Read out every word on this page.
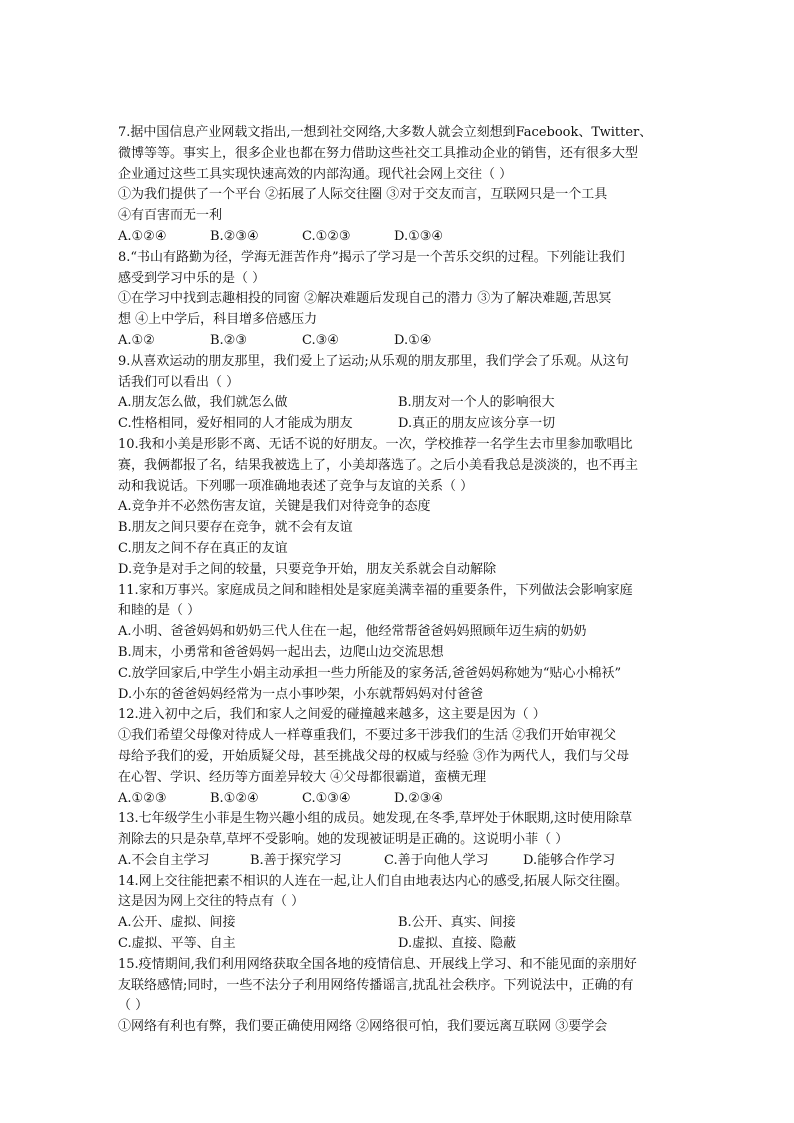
7.据中国信息产业网载文指出,一想到社交网络,大多数人就会立刻想到Facebook、Twitter、
微博等等。事实上，很多企业也都在努力借助这些社交工具推动企业的销售，还有很多大型
企业通过这些工具实现快速高效的内部沟通。现代社会网上交往（ ）
①为我们提供了一个平台 ②拓展了人际交往圈 ③对于交友而言，互联网只是一个工具
④有百害而无一利
A.①②④	B.②③④	C.①②③	D.①③④
8.“书山有路勤为径，学海无涯苦作舟”揭示了学习是一个苦乐交织的过程。下列能让我们
感受到学习中乐的是（ ）
①在学习中找到志趣相投的同窗 ②解决难题后发现自己的潜力 ③为了解决难题,苦思冥
想 ④上中学后，科目增多倍感压力
A.①②	B.②③	C.③④	D.①④
9.从喜欢运动的朋友那里，我们爱上了运动;从乐观的朋友那里，我们学会了乐观。从这句
话我们可以看出（ ）
A.朋友怎么做，我们就怎么做	B.朋友对一个人的影响很大
C.性格相同，爱好相同的人才能成为朋友	D.真正的朋友应该分享一切
10.我和小美是形影不离、无话不说的好朋友。一次，学校推荐一名学生去市里参加歌唱比
赛，我俩都报了名，结果我被选上了，小美却落选了。之后小美看我总是淡淡的，也不再主
动和我说话。下列哪一项准确地表述了竞争与友谊的关系（ ）
A.竞争并不必然伤害友谊，关键是我们对待竞争的态度
B.朋友之间只要存在竞争，就不会有友谊
C.朋友之间不存在真正的友谊
D.竞争是对手之间的较量，只要竞争开始，朋友关系就会自动解除
11.家和万事兴。家庭成员之间和睦相处是家庭美满幸福的重要条件，下列做法会影响家庭
和睦的是（ ）
A.小明、爸爸妈妈和奶奶三代人住在一起，他经常帮爸爸妈妈照顾年迈生病的奶奶
B.周末，小勇常和爸爸妈妈一起出去，边爬山边交流思想
C.放学回家后,中学生小娟主动承担一些力所能及的家务活,爸爸妈妈称她为“贴心小棉袄”
D.小东的爸爸妈妈经常为一点小事吵架，小东就帮妈妈对付爸爸
12.进入初中之后，我们和家人之间爱的碰撞越来越多，这主要是因为（ ）
①我们希望父母像对待成人一样尊重我们，不要过多干涉我们的生活 ②我们开始审视父
母给予我们的爱，开始质疑父母，甚至挑战父母的权威与经验 ③作为两代人，我们与父母
在心智、学识、经历等方面差异较大 ④父母都很霸道，蛮横无理
A.①②③	B.①②④	C.①③④	D.②③④
13.七年级学生小菲是生物兴趣小组的成员。她发现,在冬季,草坪处于休眠期,这时使用除草
剂除去的只是杂草,草坪不受影响。她的发现被证明是正确的。这说明小菲（ ）
A.不会自主学习	B.善于探究学习	C.善于向他人学习	D.能够合作学习
14.网上交往能把素不相识的人连在一起,让人们自由地表达内心的感受,拓展人际交往圈。
这是因为网上交往的特点有（ ）
A.公开、虚拟、间接	B.公开、真实、间接
C.虚拟、平等、自主	D.虚拟、直接、隐蔽
15.疫情期间,我们利用网络获取全国各地的疫情信息、开展线上学习、和不能见面的亲朋好
友联络感情;同时，一些不法分子利用网络传播谣言,扰乱社会秩序。下列说法中，正确的有
（ ）
①网络有利也有弊，我们要正确使用网络 ②网络很可怕，我们要远离互联网 ③要学会
